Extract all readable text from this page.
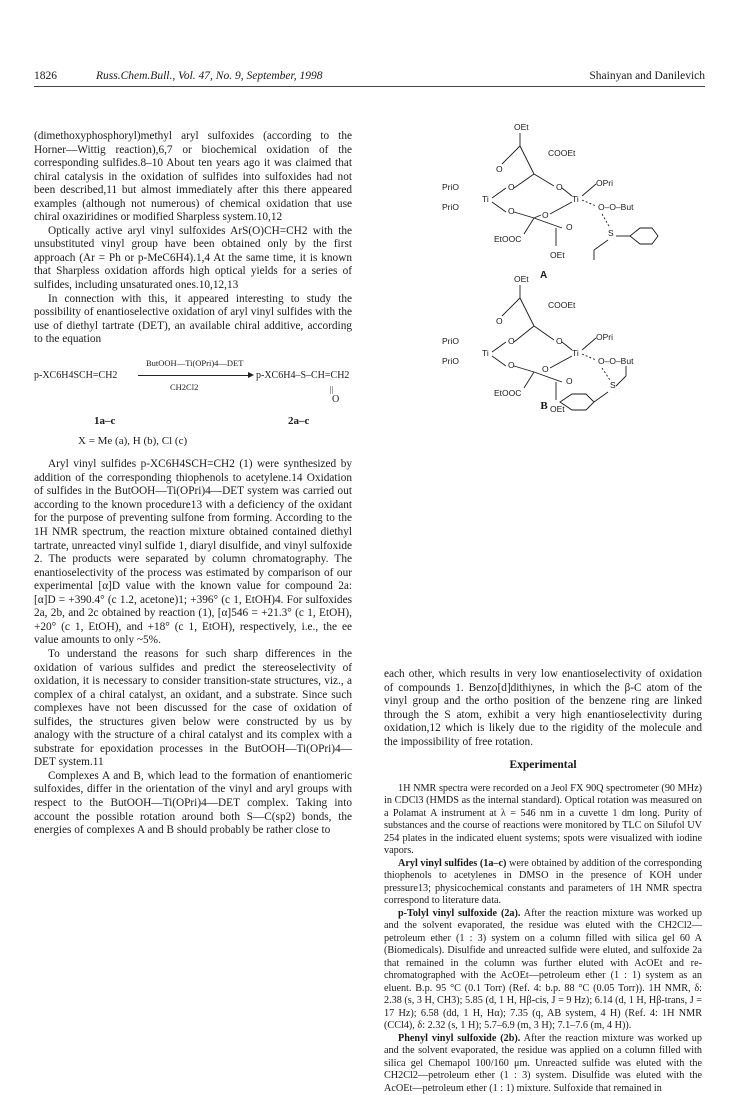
1826	Russ.Chem.Bull., Vol. 47, No. 9, September, 1998	Shainyan and Danilevich

(dimethoxyphosphoryl)methyl aryl sulfoxides (according to the Horner—Wittig reaction),6,7 or biochemical oxidation of the corresponding sulfides.8–10 About ten years ago it was claimed that chiral catalysis in the oxidation of sulfides into sulfoxides had not been described,11 but almost immediately after this there appeared examples (although not numerous) of chemical oxidation that use chiral oxaziridines or modified Sharpless system.10,12

Optically active aryl vinyl sulfoxides ArS(O)CH=CH2 with the unsubstituted vinyl group have been obtained only by the first approach (Ar = Ph or p-MeC6H4).1,4 At the same time, it is known that Sharpless oxidation affords high optical yields for a series of sulfides, including unsaturated ones.10,12,13

In connection with this, it appeared interesting to study the possibility of enantioselective oxidation of aryl vinyl sulfides with the use of diethyl tartrate (DET), an available chiral additive, according to the equation

p-XC6H4SCH=CH2
ButOOH—Ti(OPri)4—DET
CH2Cl2
p-XC6H4–S–CH=CH2
||
O
1a–c	2a–c
X = Me (a), H (b), Cl (c)

Aryl vinyl sulfides p-XC6H4SCH=CH2 (1) were synthesized by addition of the corresponding thiophenols to acetylene.14 Oxidation of sulfides in the ButOOH—Ti(OPri)4—DET system was carried out according to the known procedure13 with a deficiency of the oxidant for the purpose of preventing sulfone from forming. According to the 1H NMR spectrum, the reaction mixture obtained contained diethyl tartrate, unreacted vinyl sulfide 1, diaryl disulfide, and vinyl sulfoxide 2. The products were separated by column chromatography. The enantioselectivity of the process was estimated by comparison of our experimental [α]D value with the known value for compound 2a: [α]D = +390.4° (c 1.2, acetone)1; +396° (c 1, EtOH)4. For sulfoxides 2a, 2b, and 2c obtained by reaction (1), [α]546 = +21.3° (c 1, EtOH), +20° (c 1, EtOH), and +18° (c 1, EtOH), respectively, i.e., the ee value amounts to only ~5%.

To understand the reasons for such sharp differences in the oxidation of various sulfides and predict the stereoselectivity of oxidation, it is necessary to consider transition-state structures, viz., a complex of a chiral catalyst, an oxidant, and a substrate. Since such complexes have not been discussed for the case of oxidation of sulfides, the structures given below were constructed by us by analogy with the structure of a chiral catalyst and its complex with a substrate for epoxidation processes in the ButOOH—Ti(OPri)4—DET system.11

Complexes A and B, which lead to the formation of enantiomeric sulfoxides, differ in the orientation of the vinyl and aryl groups with respect to the ButOOH—Ti(OPri)4—DET complex. Taking into account the possible rotation around both S—C(sp2) bonds, the energies of complexes A and B should probably be rather close to

OEt
COOEt
O
PriO
PriO
Ti
O
O
O
O
Ti
OPri
O–O–But
EtOOC
O
OEt
S
A
OEt
COOEt
O
PriO
PriO
Ti
O
O
O
O
Ti
OPri
O–O–But
EtOOC
O
OEt
S
B

each other, which results in very low enantioselectivity of oxidation of compounds 1. Benzo[d]dithiynes, in which the β-C atom of the vinyl group and the ortho position of the benzene ring are linked through the S atom, exhibit a very high enantioselectivity during oxidation,12 which is likely due to the rigidity of the molecule and the impossibility of free rotation.

Experimental

1H NMR spectra were recorded on a Jeol FX 90Q spectrometer (90 MHz) in CDCl3 (HMDS as the internal standard). Optical rotation was measured on a Polamat A instrument at λ = 546 nm in a cuvette 1 dm long. Purity of substances and the course of reactions were monitored by TLC on Silufol UV 254 plates in the indicated eluent systems; spots were visualized with iodine vapors.

Aryl vinyl sulfides (1a–c) were obtained by addition of the corresponding thiophenols to acetylenes in DMSO in the presence of KOH under pressure13; physicochemical constants and parameters of 1H NMR spectra correspond to literature data.

p-Tolyl vinyl sulfoxide (2a). After the reaction mixture was worked up and the solvent evaporated, the residue was eluted with the CH2Cl2—petroleum ether (1 : 3) system on a column filled with silica gel 60 A (Biomedicals). Disulfide and unreacted sulfide were eluted, and sulfoxide 2a that remained in the column was further eluted with AcOEt and re-chromatographed with the AcOEt—petroleum ether (1 : 1) system as an eluent. B.p. 95 °C (0.1 Torr) (Ref. 4: b.p. 88 °C (0.05 Torr)). 1H NMR, δ: 2.38 (s, 3 H, CH3); 5.85 (d, 1 H, Hβ-cis, J = 9 Hz); 6.14 (d, 1 H, Hβ-trans, J = 17 Hz); 6.58 (dd, 1 H, Hα); 7.35 (q, AB system, 4 H) (Ref. 4: 1H NMR (CCl4), δ: 2.32 (s, 1 H); 5.7–6.9 (m, 3 H); 7.1–7.6 (m, 4 H)).

Phenyl vinyl sulfoxide (2b). After the reaction mixture was worked up and the solvent evaporated, the residue was applied on a column filled with silica gel Chemapol 100/160 μm. Unreacted sulfide was eluted with the CH2Cl2—petroleum ether (1 : 3) system. Disulfide was eluted with the AcOEt—petroleum ether (1 : 1) mixture. Sulfoxide that remained in
